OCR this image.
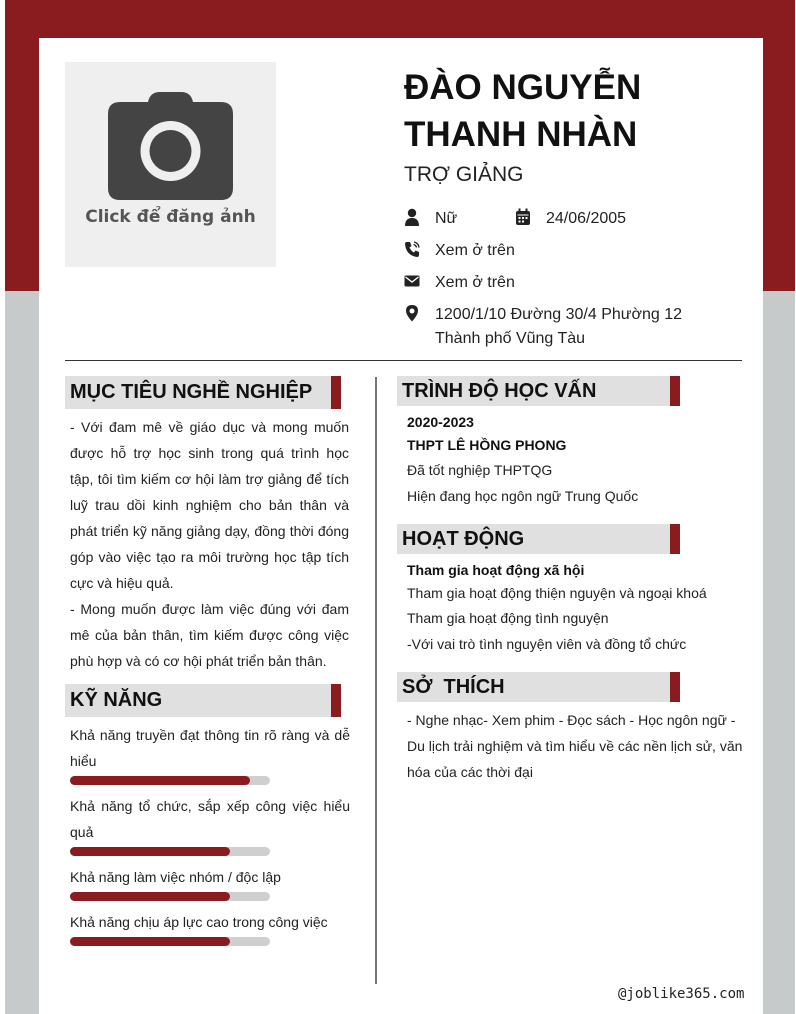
Click để đăng ảnh
ĐÀO NGUYỄN THANH NHÀN
TRỢ GIẢNG
Nữ	24/06/2005
Xem ở trên
Xem ở trên
1200/1/10 Đường 30/4 Phường 12
Thành phố Vũng Tàu
MỤC TIÊU NGHỀ NGHIỆP
- Với đam mê về giáo dục và mong muốn được hỗ trợ học sinh trong quá trình học tập, tôi tìm kiếm cơ hội làm trợ giảng để tích luỹ trau dồi kinh nghiệm cho bản thân và phát triển kỹ năng giảng dạy, đồng thời đóng góp vào việc tạo ra môi trường học tập tích cực và hiệu quả.
- Mong muốn được làm việc đúng với đam mê của bản thân, tìm kiếm được công việc phù hợp và có cơ hội phát triển bản thân.
KỸ NĂNG
Khả năng truyền đạt thông tin rõ ràng và dễ hiểu
Khả năng tổ chức, sắp xếp công việc hiểu quả
Khả năng làm việc nhóm / độc lập
Khả năng chịu áp lực cao trong công việc
TRÌNH ĐỘ HỌC VẤN
2020-2023
THPT LÊ HỒNG PHONG
Đã tốt nghiệp THPTQG
Hiện đang học ngôn ngữ Trung Quốc
HOẠT ĐỘNG
Tham gia hoạt động xã hội
Tham gia hoạt động thiện nguyện và ngoại khoá
Tham gia hoạt động tình nguyện
-Với vai trò tình nguyện viên và đồng tổ chức
SỞ  THÍCH
- Nghe nhạc- Xem phim - Đọc sách - Học ngôn ngữ - Du lịch trải nghiệm và tìm hiểu về các nền lịch sử, văn hóa của các thời đại
@joblike365.com
